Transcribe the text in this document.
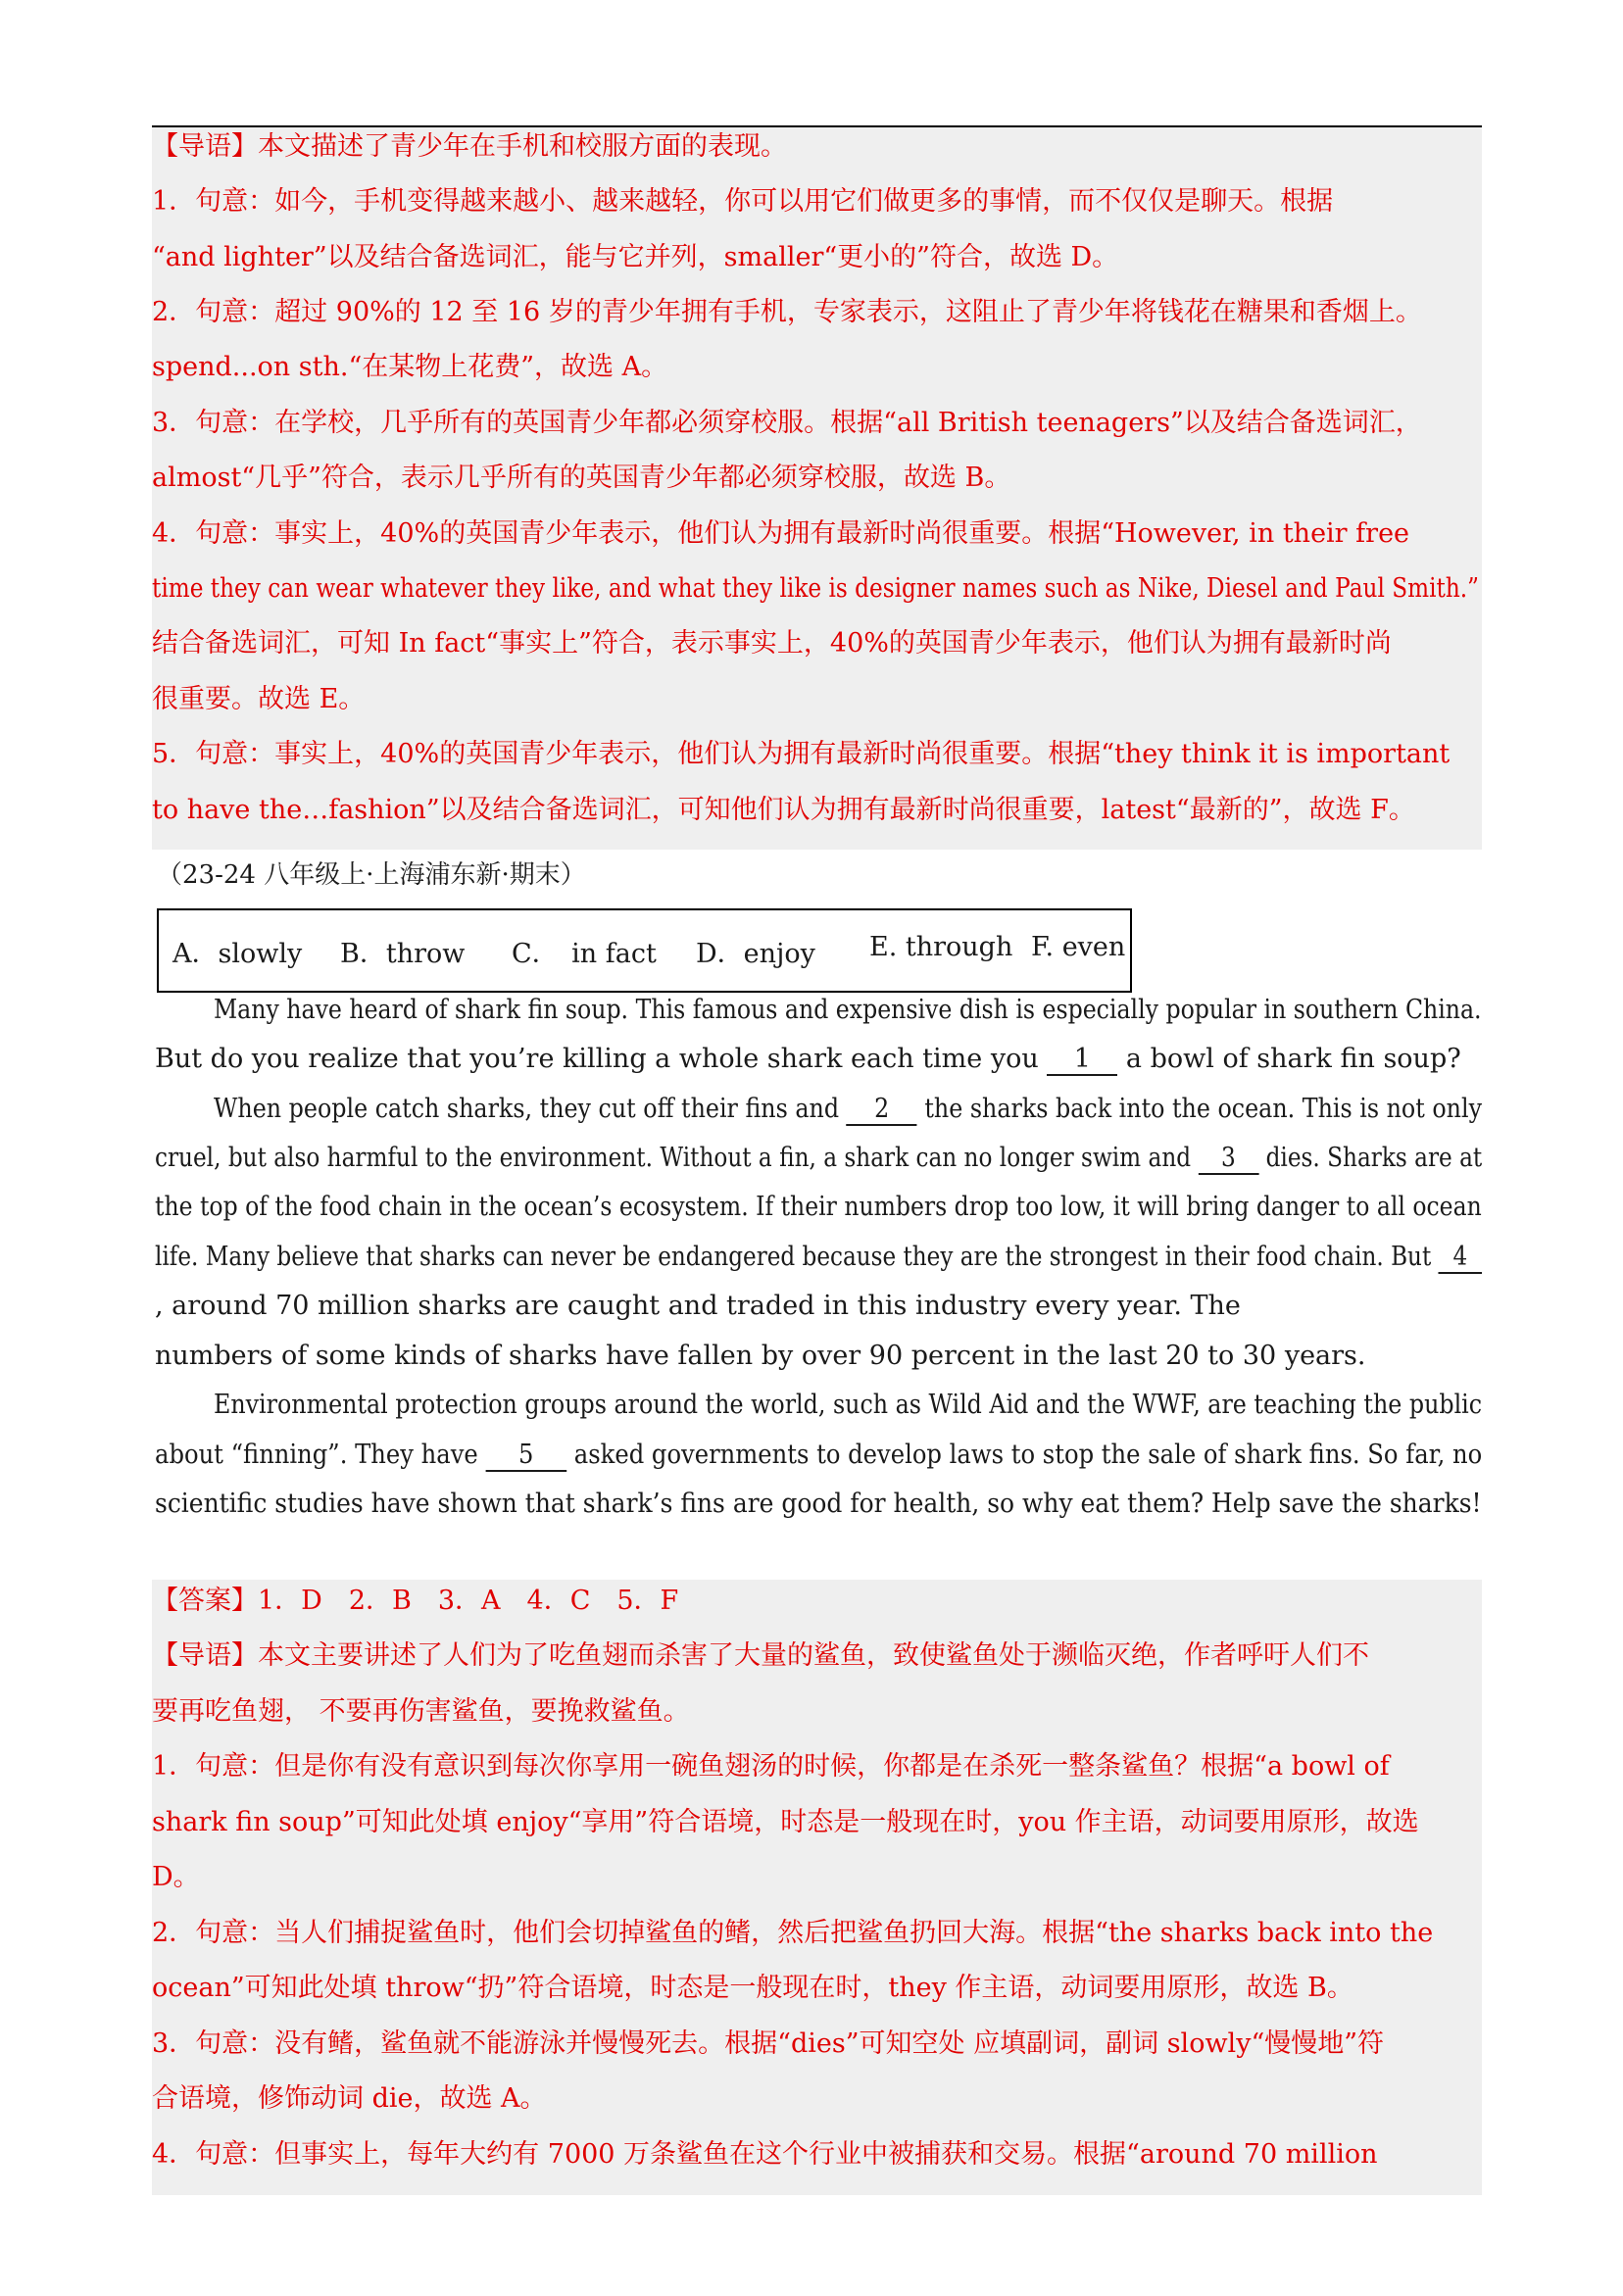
【导语】本文描述了青少年在手机和校服方面的表现。
1．句意：如今，手机变得越来越小、越来越轻，你可以用它们做更多的事情，而不仅仅是聊天。根据
“and lighter”以及结合备选词汇，能与它并列，smaller“更小的”符合，故选 D。
2．句意：超过 90%的 12 至 16 岁的青少年拥有手机，专家表示，这阻止了青少年将钱花在糖果和香烟上。
spend...on sth.“在某物上花费”，故选 A。
3．句意：在学校，几乎所有的英国青少年都必须穿校服。根据“all British teenagers”以及结合备选词汇，
almost“几乎”符合，表示几乎所有的英国青少年都必须穿校服，故选 B。
4．句意：事实上，40%的英国青少年表示，他们认为拥有最新时尚很重要。根据“However, in their free
time they can wear whatever they like, and what they like is designer names such as Nike, Diesel and Paul Smith.”
结合备选词汇，可知 In fact“事实上”符合，表示事实上，40%的英国青少年表示，他们认为拥有最新时尚
很重要。故选 E。
5．句意：事实上，40%的英国青少年表示，他们认为拥有最新时尚很重要。根据“they think it is important
to have the…fashion”以及结合备选词汇，可知他们认为拥有最新时尚很重要，latest“最新的”，故选 F。
（23-24 八年级上·上海浦东新·期末）
A．slowly B．throw C．　in fact D．enjoy E. through F. even
Many have heard of shark fin soup. This famous and expensive dish is especially popular in southern China.
But do you realize that you’re killing a whole shark each time you 1 a bowl of shark fin soup?
When people catch sharks, they cut off their fins and 2 the sharks back into the ocean. This is not only
cruel, but also harmful to the environment. Without a fin, a shark can no longer swim and 3 dies. Sharks are at
the top of the food chain in the ocean’s ecosystem. If their numbers drop too low, it will bring danger to all ocean
life. Many believe that sharks can never be endangered because they are the strongest in their food chain. But 4
, around 70 million sharks are caught and traded in this industry every year. The
numbers of some kinds of sharks have fallen by over 90 percent in the last 20 to 30 years.
Environmental protection groups around the world, such as Wild Aid and the WWF, are teaching the public
about “finning”. They have 5 asked governments to develop laws to stop the sale of shark fins. So far, no
scientific studies have shown that shark’s fins are good for health, so why eat them? Help save the sharks!
【答案】1．D　2．B　3．A　4．C　5．F
【导语】本文主要讲述了人们为了吃鱼翅而杀害了大量的鲨鱼，致使鲨鱼处于濒临灭绝，作者呼吁人们不
要再吃鱼翅， 不要再伤害鲨鱼，要挽救鲨鱼。
1．句意：但是你有没有意识到每次你享用一碗鱼翅汤的时候，你都是在杀死一整条鲨鱼？根据“a bowl of
shark fin soup”可知此处填 enjoy“享用”符合语境，时态是一般现在时，you 作主语，动词要用原形，故选
D。
2．句意：当人们捕捉鲨鱼时，他们会切掉鲨鱼的鳍，然后把鲨鱼扔回大海。根据“the sharks back into the
ocean”可知此处填 throw“扔”符合语境，时态是一般现在时，they 作主语，动词要用原形，故选 B。
3．句意：没有鳍，鲨鱼就不能游泳并慢慢死去。根据“dies”可知空处 应填副词，副词 slowly“慢慢地”符
合语境，修饰动词 die，故选 A。
4．句意：但事实上，每年大约有 7000 万条鲨鱼在这个行业中被捕获和交易。根据“around 70 million
